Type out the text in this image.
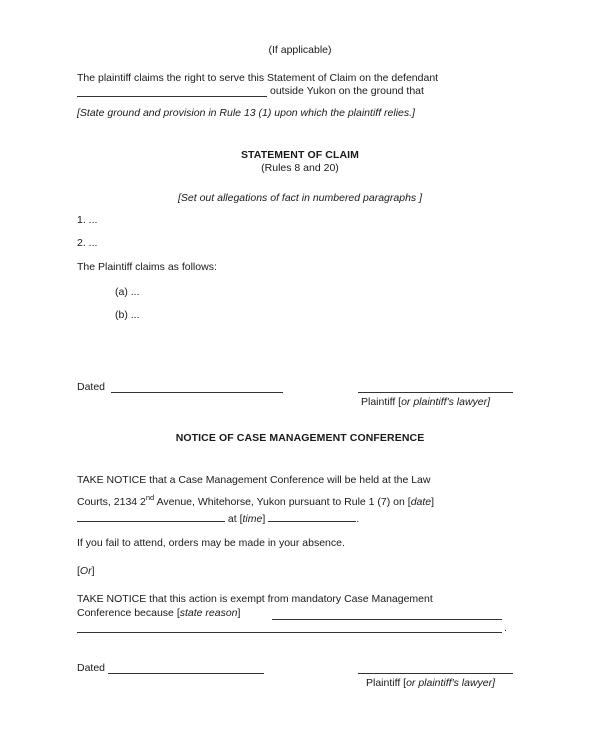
(If applicable)
The plaintiff claims the right to serve this Statement of Claim on the defendant
outside Yukon on the ground that
[State ground and provision in Rule 13 (1) upon which the plaintiff relies.]
STATEMENT OF CLAIM
(Rules 8 and 20)
[Set out allegations of fact in numbered paragraphs ]
1. ...
2. ...
The Plaintiff claims as follows:
(a) ...
(b) ...
Dated
Plaintiff [or plaintiff's lawyer]
NOTICE OF CASE MANAGEMENT CONFERENCE
TAKE NOTICE that a Case Management Conference will be held at the Law
Courts, 2134 2nd Avenue, Whitehorse, Yukon pursuant to Rule 1 (7) on [date]
at [time]	.
If you fail to attend, orders may be made in your absence.
[Or]
TAKE NOTICE that this action is exempt from mandatory Case Management
Conference because [state reason]
.
Dated
Plaintiff [or plaintiff's lawyer]
